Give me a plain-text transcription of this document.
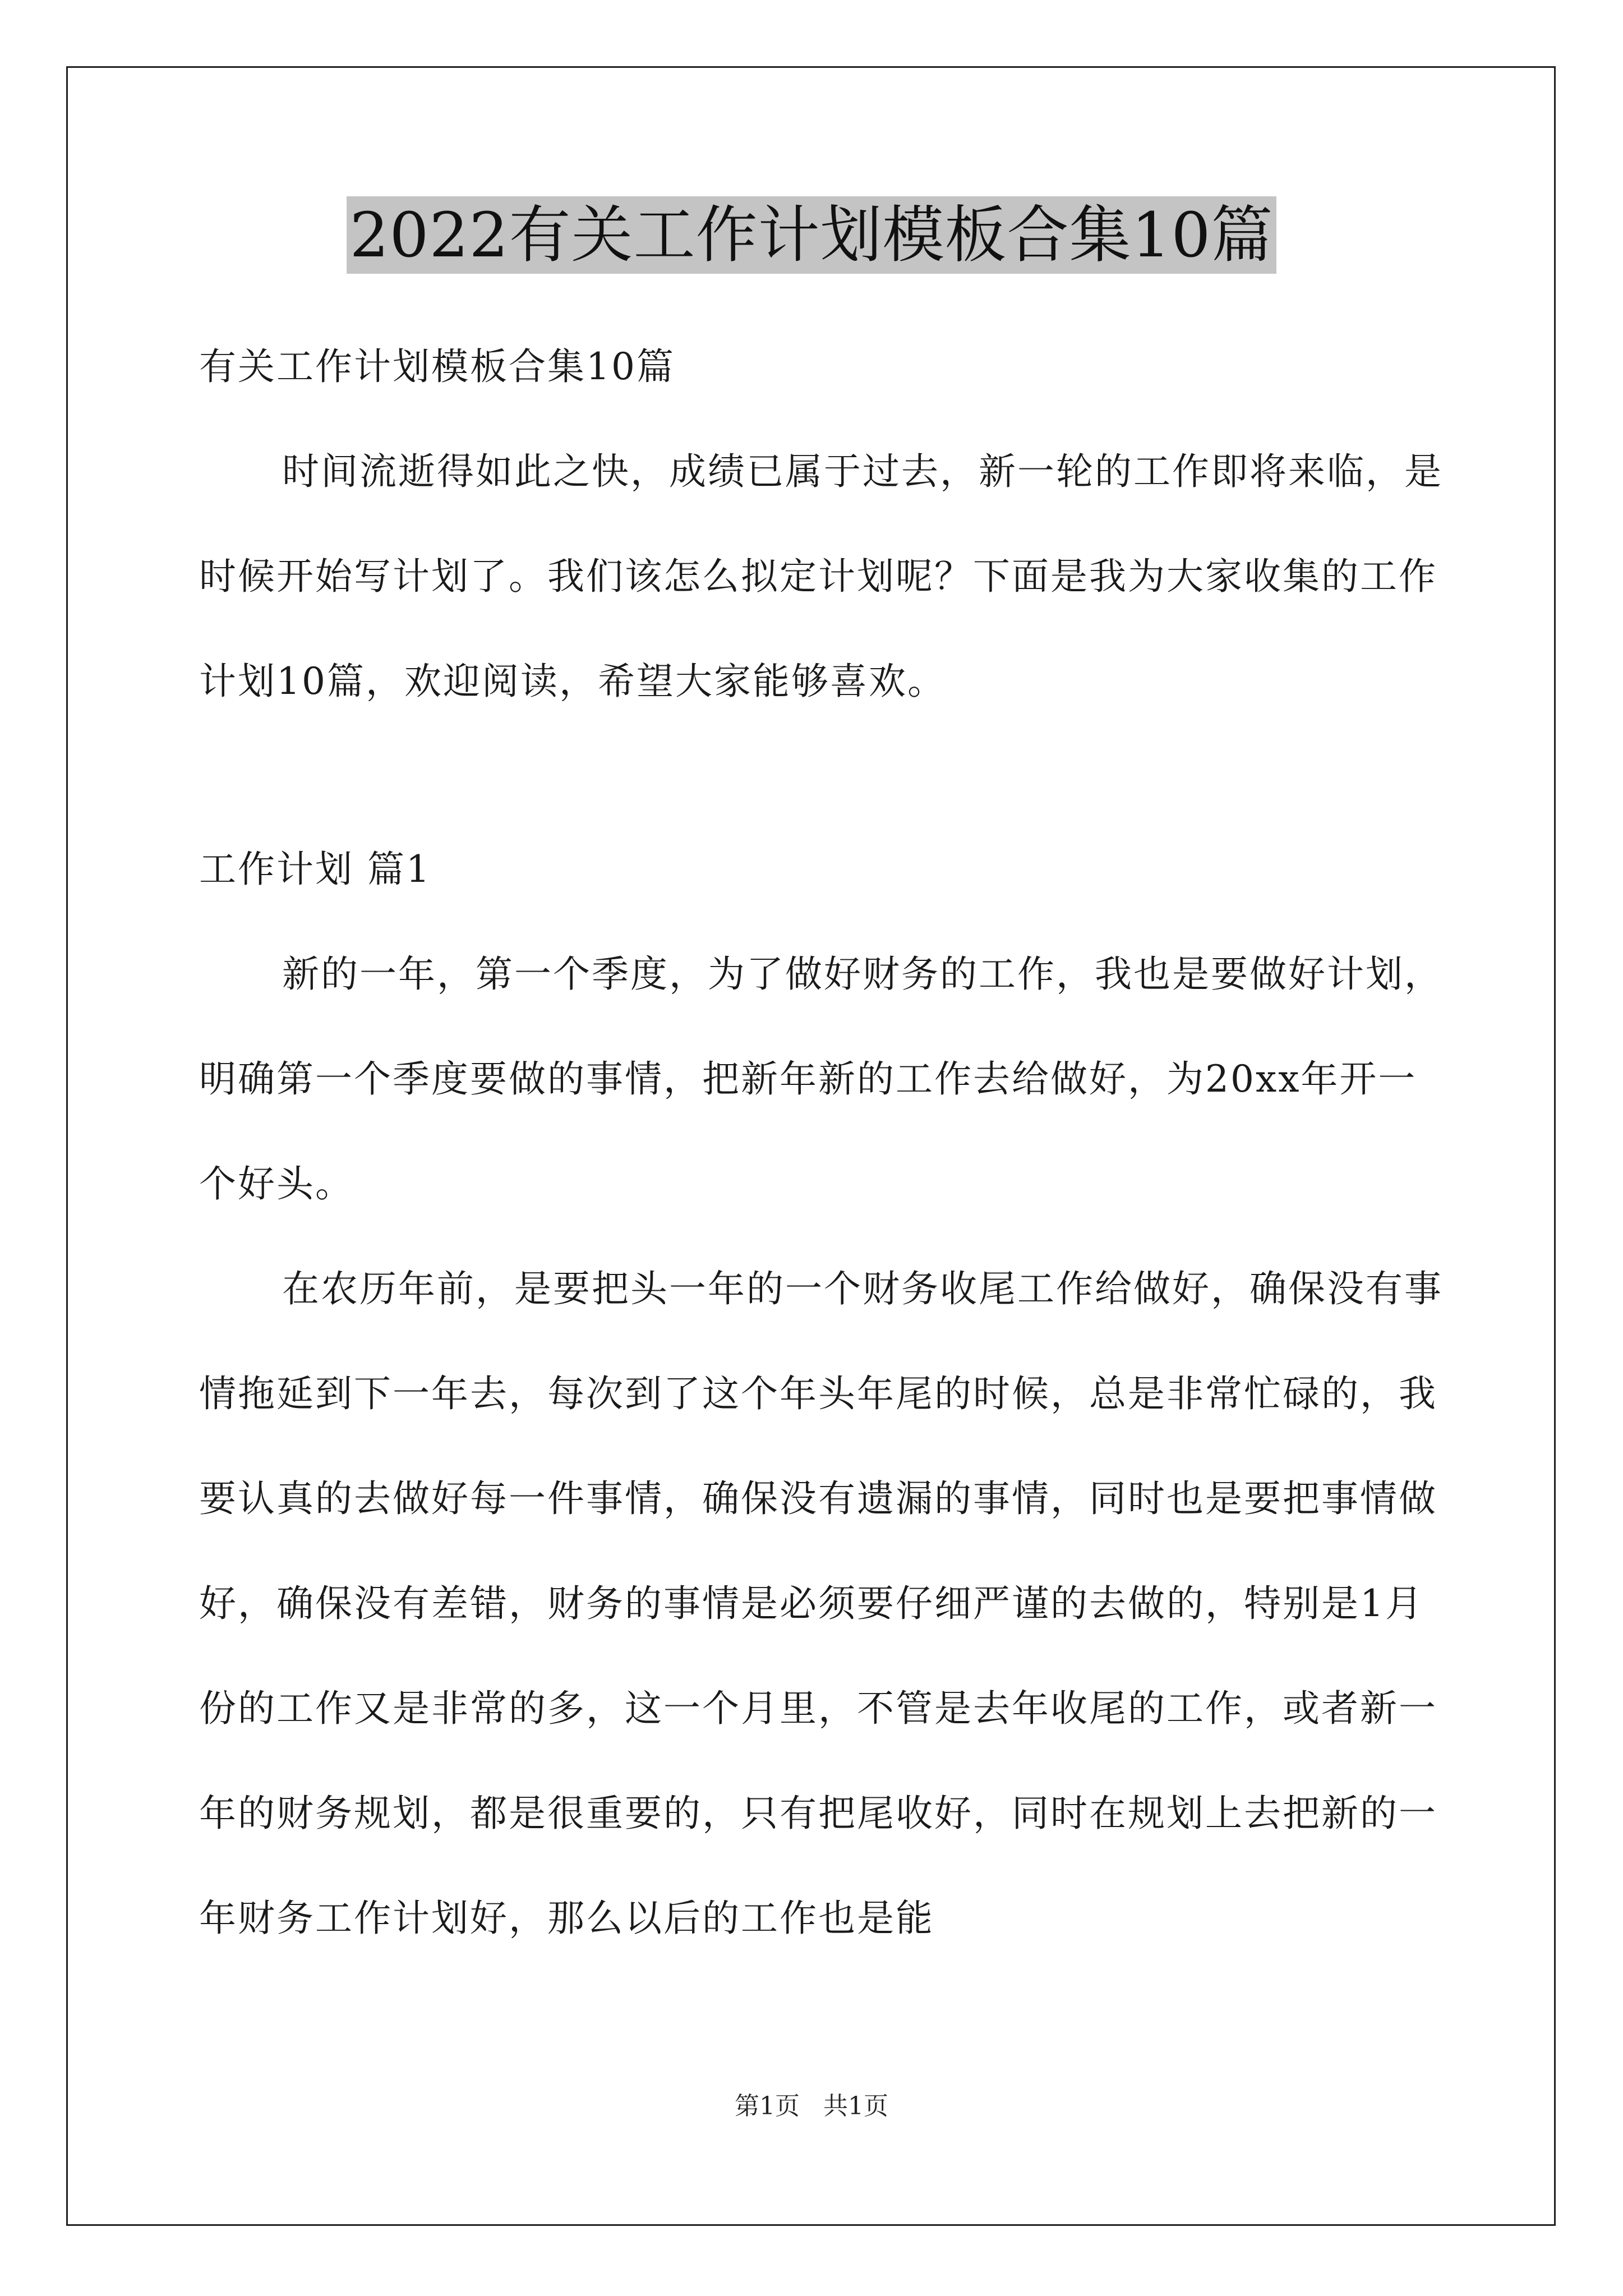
2022有关工作计划模板合集10篇

有关工作计划模板合集10篇

时间流逝得如此之快，成绩已属于过去，新一轮的工作即将来临，是时候开始写计划了。我们该怎么拟定计划呢？下面是我为大家收集的工作计划10篇，欢迎阅读，希望大家能够喜欢。

工作计划 篇1

新的一年，第一个季度，为了做好财务的工作，我也是要做好计划，明确第一个季度要做的事情，把新年新的工作去给做好，为20xx年开一个好头。

在农历年前，是要把头一年的一个财务收尾工作给做好，确保没有事情拖延到下一年去，每次到了这个年头年尾的时候，总是非常忙碌的，我要认真的去做好每一件事情，确保没有遗漏的事情，同时也是要把事情做好，确保没有差错，财务的事情是必须要仔细严谨的去做的，特别是1月份的工作又是非常的多，这一个月里，不管是去年收尾的工作，或者新一年的财务规划，都是很重要的，只有把尾收好，同时在规划上去把新的一年财务工作计划好，那么以后的工作也是能

第1页   共1页
